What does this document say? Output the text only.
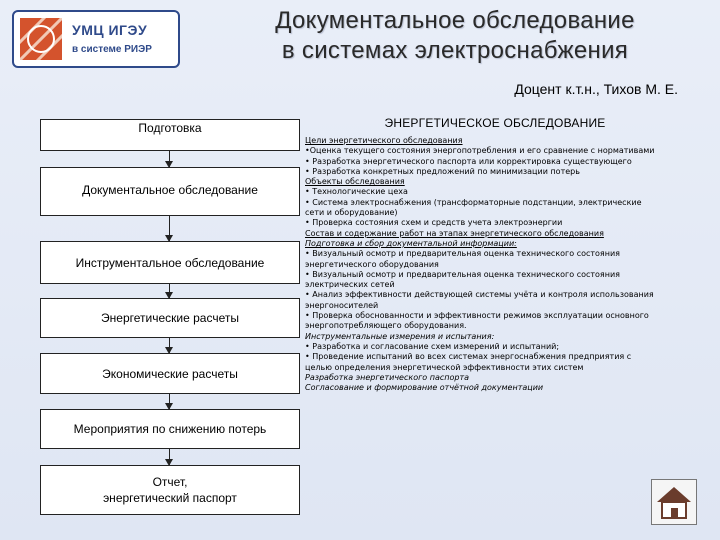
УМЦ ИГЭУ
в системе РИЭР
Документальное обследование
в системах электроснабжения
Доцент к.т.н., Тихов М. Е.
Подготовка
Документальное обследование
Инструментальное обследование
Энергетические расчеты
Экономические расчеты
Мероприятия по снижению потерь
Отчет,
энергетический паспорт
ЭНЕРГЕТИЧЕСКОЕ ОБСЛЕДОВАНИЕ
Цели энергетического обследования
•Оценка текущего состояния энергопотребления и его сравнение с нормативами
• Разработка энергетического паспорта или корректировка существующего
• Разработка конкретных предложений по минимизации потерь
Объекты обследования
• Технологические цеха
• Система электроснабжения (трансформаторные подстанции, электрические
сети и оборудование)
• Проверка состояния схем и средств учета электроэнергии
Состав и содержание работ на этапах энергетического обследования
Подготовка и сбор документальной информации:
• Визуальный осмотр и предварительная оценка технического состояния
энергетического оборудования
• Визуальный осмотр и предварительная оценка технического состояния
электрических сетей
• Анализ эффективности действующей системы учёта и контроля использования
энергоносителей
• Проверка обоснованности и эффективности режимов эксплуатации основного
энергопотребляющего оборудования.
Инструментальные измерения и испытания:
• Разработка и согласование схем измерений и испытаний;
• Проведение испытаний во всех системах энергоснабжения предприятия с
целью определения энергетической эффективности этих систем
Разработка энергетического паспорта
Согласование и формирование отчётной документации
